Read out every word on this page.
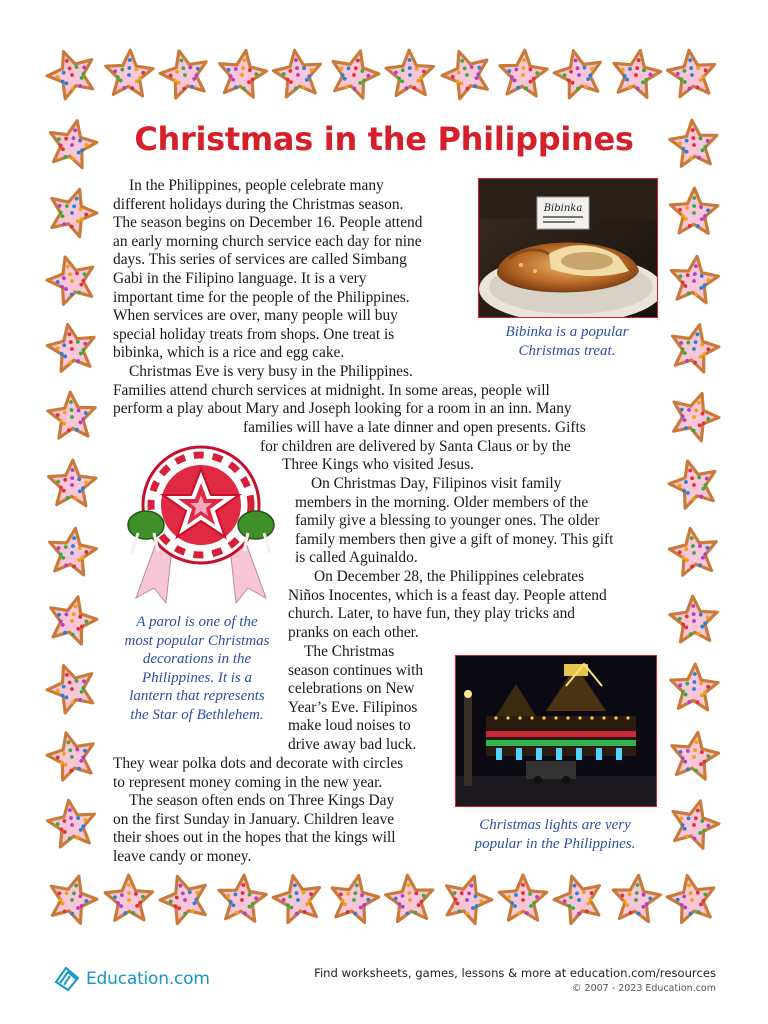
Christmas in the Philippines
In the Philippines, people celebrate many
different holidays during the Christmas season.
The season begins on December 16. People attend
an early morning church service each day for nine
days. This series of services are called Simbang
Gabi in the Filipino language. It is a very
important time for the people of the Philippines.
When services are over, many people will buy
special holiday treats from shops. One treat is
bibinka, which is a rice and egg cake.
Christmas Eve is very busy in the Philippines.
Families attend church services at midnight. In some areas, people will
perform a play about Mary and Joseph looking for a room in an inn. Many
families will have a late dinner and open presents. Gifts
for children are delivered by Santa Claus or by the
Three Kings who visited Jesus.
On Christmas Day, Filipinos visit family
members in the morning. Older members of the
family give a blessing to younger ones. The older
family members then give a gift of money. This gift
is called Aguinaldo.
On December 28, the Philippines celebrates
Niños Inocentes, which is a feast day. People attend
church. Later, to have fun, they play tricks and
pranks on each other.
The Christmas
season continues with
celebrations on New
Year’s Eve. Filipinos
make loud noises to
drive away bad luck.
They wear polka dots and decorate with circles
to represent money coming in the new year.
The season often ends on Three Kings Day
on the first Sunday in January. Children leave
their shoes out in the hopes that the kings will
leave candy or money.
Bibinka
Bibinka is a popular
Christmas treat.
A parol is one of the
most popular Christmas
decorations in the
Philippines. It is a
lantern that represents
the Star of Bethlehem.
Christmas lights are very
popular in the Philippines.
Education.com	Find worksheets, games, lessons & more at education.com/resources
© 2007 - 2023 Education.com
